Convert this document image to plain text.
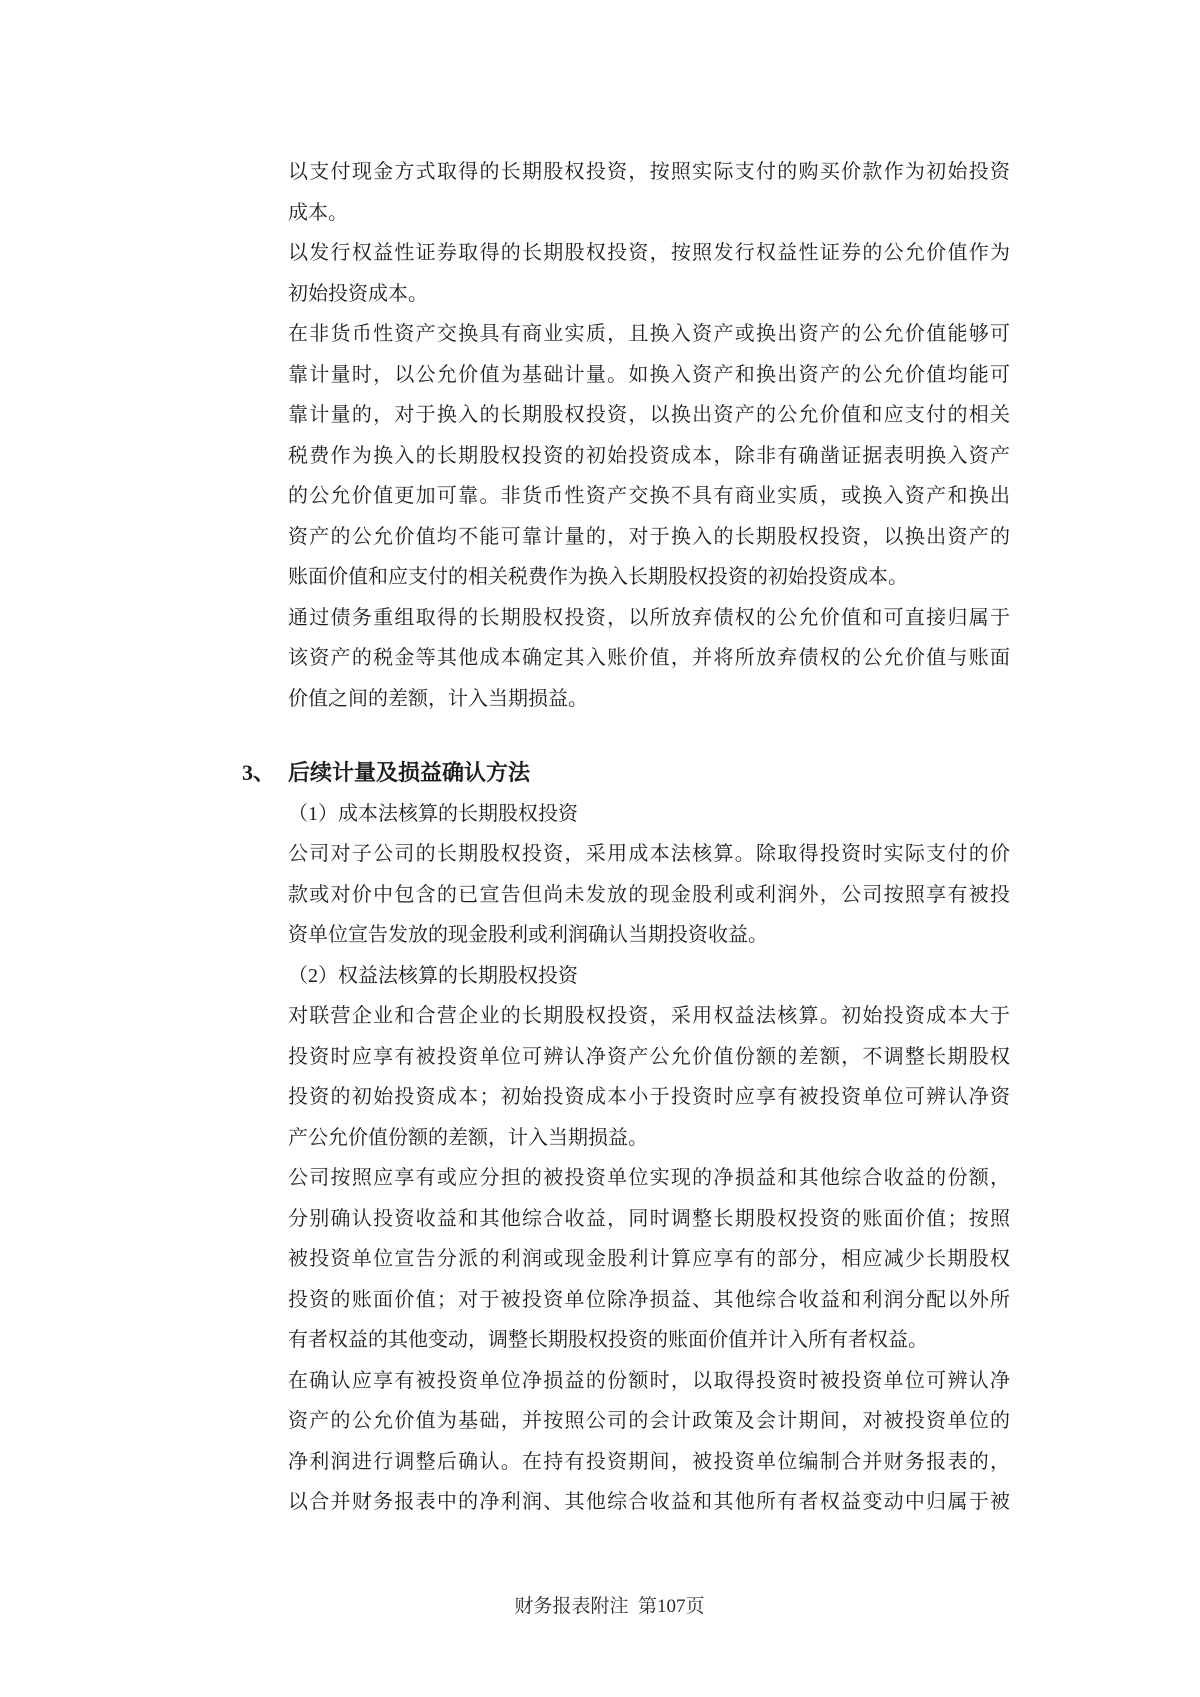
以支付现金方式取得的长期股权投资，按照实际支付的购买价款作为初始投资
成本。
以发行权益性证券取得的长期股权投资，按照发行权益性证券的公允价值作为
初始投资成本。
在非货币性资产交换具有商业实质，且换入资产或换出资产的公允价值能够可
靠计量时，以公允价值为基础计量。如换入资产和换出资产的公允价值均能可
靠计量的，对于换入的长期股权投资，以换出资产的公允价值和应支付的相关
税费作为换入的长期股权投资的初始投资成本，除非有确凿证据表明换入资产
的公允价值更加可靠。非货币性资产交换不具有商业实质，或换入资产和换出
资产的公允价值均不能可靠计量的，对于换入的长期股权投资，以换出资产的
账面价值和应支付的相关税费作为换入长期股权投资的初始投资成本。
通过债务重组取得的长期股权投资，以所放弃债权的公允价值和可直接归属于
该资产的税金等其他成本确定其入账价值，并将所放弃债权的公允价值与账面
价值之间的差额，计入当期损益。
3、 后续计量及损益确认方法
（1）成本法核算的长期股权投资
公司对子公司的长期股权投资，采用成本法核算。除取得投资时实际支付的价
款或对价中包含的已宣告但尚未发放的现金股利或利润外，公司按照享有被投
资单位宣告发放的现金股利或利润确认当期投资收益。
（2）权益法核算的长期股权投资
对联营企业和合营企业的长期股权投资，采用权益法核算。初始投资成本大于
投资时应享有被投资单位可辨认净资产公允价值份额的差额，不调整长期股权
投资的初始投资成本；初始投资成本小于投资时应享有被投资单位可辨认净资
产公允价值份额的差额，计入当期损益。
公司按照应享有或应分担的被投资单位实现的净损益和其他综合收益的份额，
分别确认投资收益和其他综合收益，同时调整长期股权投资的账面价值；按照
被投资单位宣告分派的利润或现金股利计算应享有的部分，相应减少长期股权
投资的账面价值；对于被投资单位除净损益、其他综合收益和利润分配以外所
有者权益的其他变动，调整长期股权投资的账面价值并计入所有者权益。
在确认应享有被投资单位净损益的份额时，以取得投资时被投资单位可辨认净
资产的公允价值为基础，并按照公司的会计政策及会计期间，对被投资单位的
净利润进行调整后确认。在持有投资期间，被投资单位编制合并财务报表的，
以合并财务报表中的净利润、其他综合收益和其他所有者权益变动中归属于被

财务报表附注  第107页
